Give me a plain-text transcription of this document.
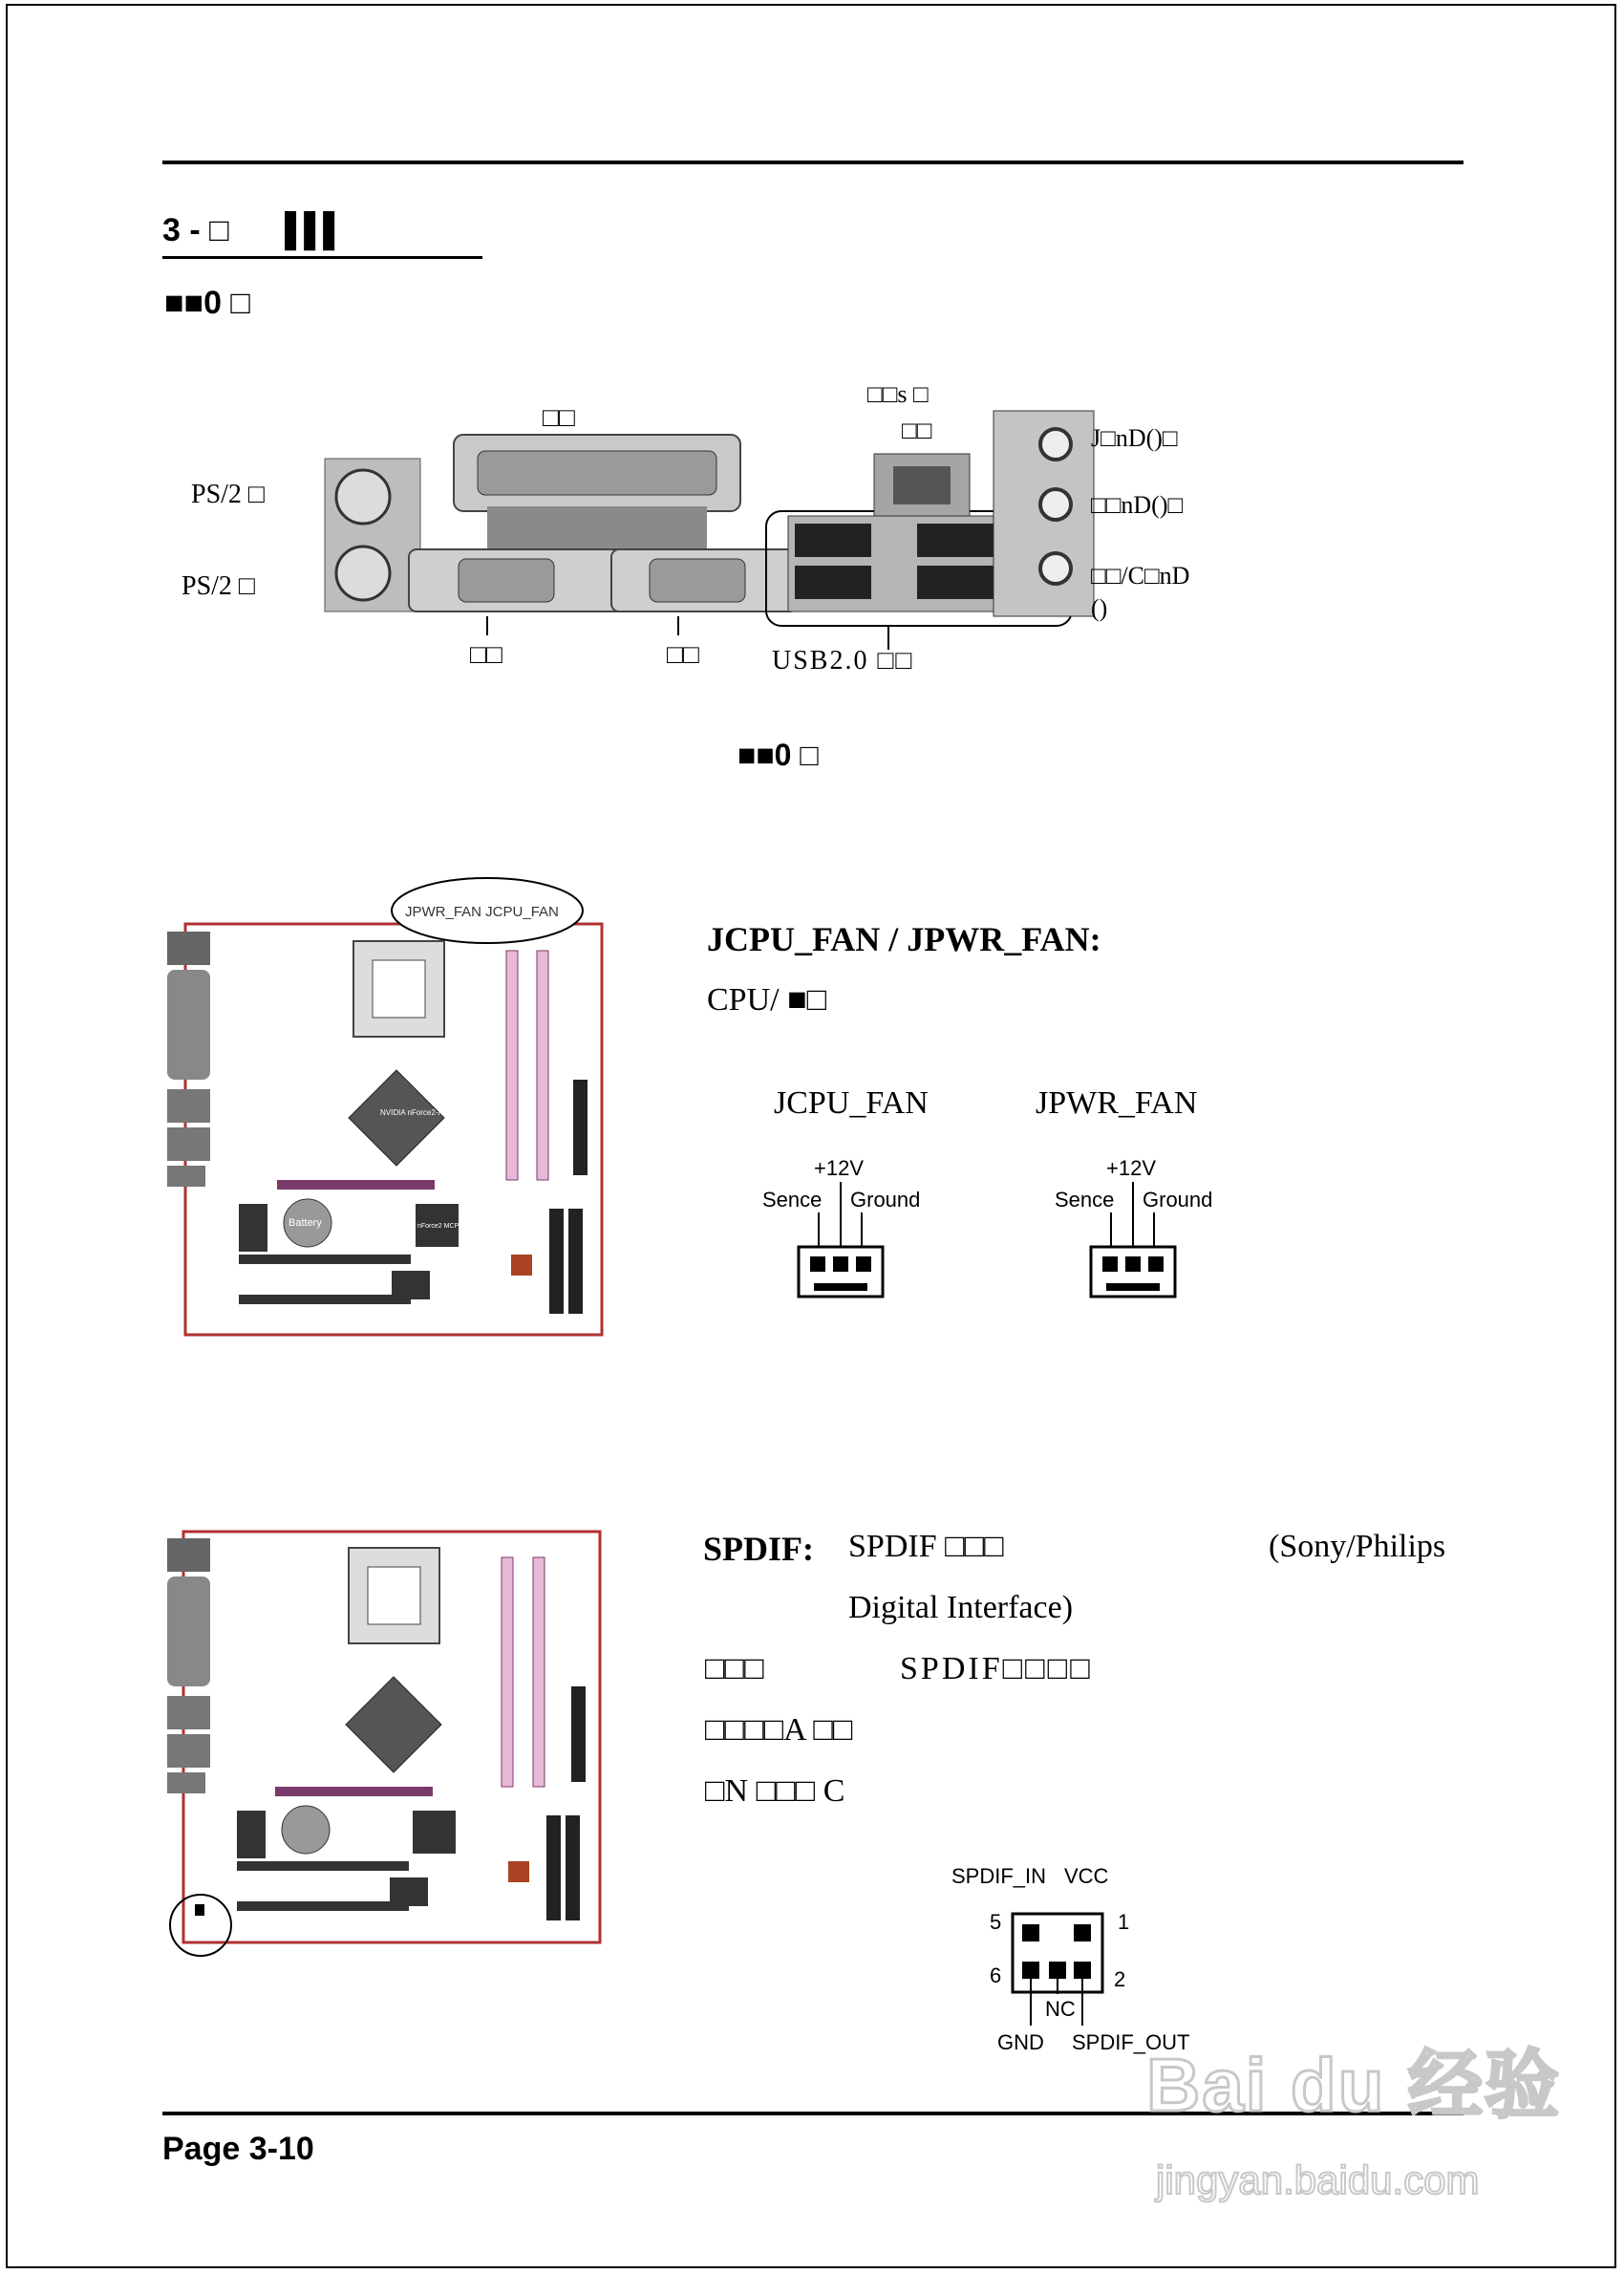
3 - □ ▌▌▌
■■0 □
□□
PS/2 □
PS/2 □
□□	□□	USB2.0 □□
□□s □
□□	J□nD()□
□□nD()□
□□/C□nD ()
■■0 □
JPWR_FAN JCPU_FAN
NVIDIA nForce2-IGP
Battery	nForce2 MCP
JCPU_FAN / JPWR_FAN:
CPU/ ■□
JCPU_FAN	JPWR_FAN
+12V
Sence Ground
+12V
Sence Ground
SPDIF: SPDIF □□□	(Sony/Philips
Digital Interface)
□□□	SPDIF□□□□
□□□□A □□
□N □□□ C
SPDIF_IN VCC
5	1
6	2
NC
GND SPDIF_OUT
Page 3-10
Bai du 经验
jingyan.baidu.com
